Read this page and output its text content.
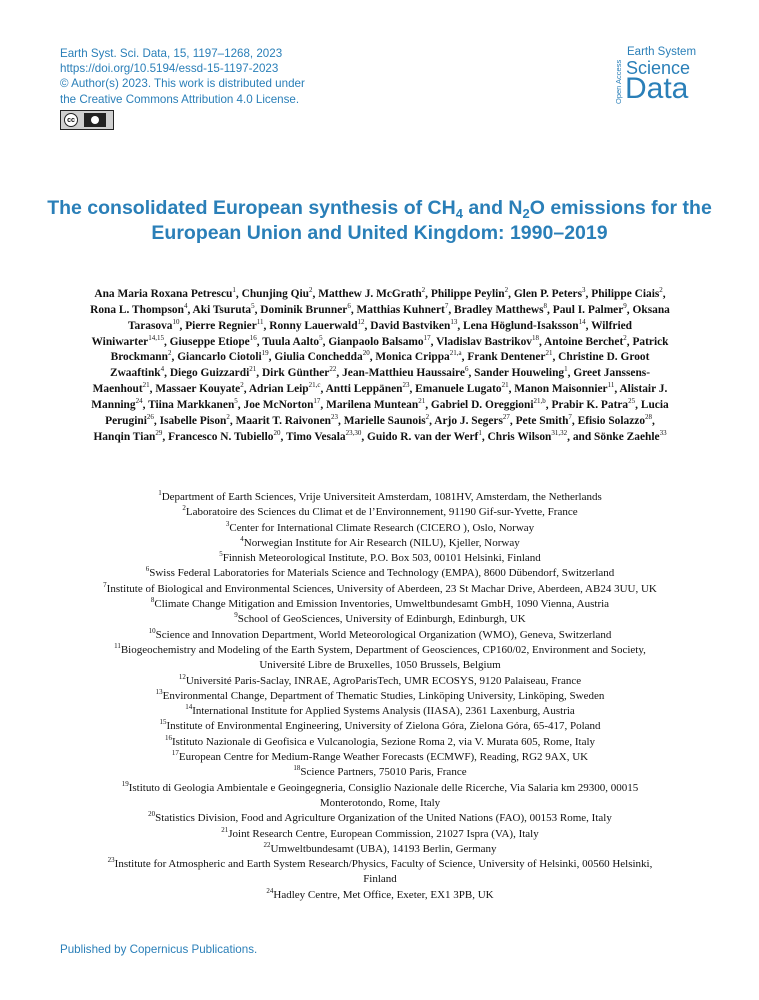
Earth Syst. Sci. Data, 15, 1197–1268, 2023
https://doi.org/10.5194/essd-15-1197-2023
© Author(s) 2023. This work is distributed under
the Creative Commons Attribution 4.0 License.
cc
Open Access
Earth System
Science
Data
The consolidated European synthesis of $CH_4$ and $N_2O$ emissions for the European Union and United Kingdom: 1990–2019
Ana Maria Roxana Petrescu$^1$, Chunjing Qiu$^2$, Matthew J. McGrath$^2$, Philippe Peylin$^2$, Glen P. Peters$^3$, Philippe Ciais$^2$, Rona L. Thompson$^4$, Aki Tsuruta$^5$, Dominik Brunner$^6$, Matthias Kuhnert$^7$, Bradley Matthews$^8$, Paul I. Palmer$^9$, Oksana Tarasova$^{10}$, Pierre Regnier$^{11}$, Ronny Lauerwald$^{12}$, David Bastviken$^{13}$, Lena Höglund-Isaksson$^{14}$, Wilfried Winiwarter$^{14,15}$, Giuseppe Etiope$^{16}$, Tuula Aalto$^5$, Gianpaolo Balsamo$^{17}$, Vladislav Bastrikov$^{18}$, Antoine Berchet$^2$, Patrick Brockmann$^2$, Giancarlo Ciotoli$^{19}$, Giulia Conchedda$^{20}$, Monica Crippa$^{21,a}$, Frank Dentener$^{21}$, Christine D. Groot Zwaaftink$^4$, Diego Guizzardi$^{21}$, Dirk Günther$^{22}$, Jean-Matthieu Haussaire$^6$, Sander Houweling$^1$, Greet Janssens-Maenhout$^{21}$, Massaer Kouyate$^2$, Adrian Leip$^{21,c}$, Antti Leppänen$^{23}$, Emanuele Lugato$^{21}$, Manon Maisonnier$^{11}$, Alistair J. Manning$^{24}$, Tiina Markkanen$^5$, Joe McNorton$^{17}$, Marilena Muntean$^{21}$, Gabriel D. Oreggioni$^{21,b}$, Prabir K. Patra$^{25}$, Lucia Perugini$^{26}$, Isabelle Pison$^2$, Maarit T. Raivonen$^{23}$, Marielle Saunois$^2$, Arjo J. Segers$^{27}$, Pete Smith$^7$, Efisio Solazzo$^{28}$, Hanqin Tian$^{29}$, Francesco N. Tubiello$^{20}$, Timo Vesala$^{23,30}$, Guido R. van der Werf$^1$, Chris Wilson$^{31,32}$, and Sönke Zaehle$^{33}$
$^1$Department of Earth Sciences, Vrije Universiteit Amsterdam, 1081HV, Amsterdam, the Netherlands
$^2$Laboratoire des Sciences du Climat et de l’Environnement, 91190 Gif-sur-Yvette, France
$^3$Center for International Climate Research (CICERO ), Oslo, Norway
$^4$Norwegian Institute for Air Research (NILU), Kjeller, Norway
$^5$Finnish Meteorological Institute, P.O. Box 503, 00101 Helsinki, Finland
$^6$Swiss Federal Laboratories for Materials Science and Technology (EMPA), 8600 Dübendorf, Switzerland
$^7$Institute of Biological and Environmental Sciences, University of Aberdeen, 23 St Machar Drive, Aberdeen, AB24 3UU, UK
$^8$Climate Change Mitigation and Emission Inventories, Umweltbundesamt GmbH, 1090 Vienna, Austria
$^9$School of GeoSciences, University of Edinburgh, Edinburgh, UK
$^{10}$Science and Innovation Department, World Meteorological Organization (WMO), Geneva, Switzerland
$^{11}$Biogeochemistry and Modeling of the Earth System, Department of Geosciences, CP160/02, Environment and Society, Université Libre de Bruxelles, 1050 Brussels, Belgium
$^{12}$Université Paris-Saclay, INRAE, AgroParisTech, UMR ECOSYS, 9120 Palaiseau, France
$^{13}$Environmental Change, Department of Thematic Studies, Linköping University, Linköping, Sweden
$^{14}$International Institute for Applied Systems Analysis (IIASA), 2361 Laxenburg, Austria
$^{15}$Institute of Environmental Engineering, University of Zielona Góra, Zielona Góra, 65-417, Poland
$^{16}$Istituto Nazionale di Geofisica e Vulcanologia, Sezione Roma 2, via V. Murata 605, Rome, Italy
$^{17}$European Centre for Medium-Range Weather Forecasts (ECMWF), Reading, RG2 9AX, UK
$^{18}$Science Partners, 75010 Paris, France
$^{19}$Istituto di Geologia Ambientale e Geoingegneria, Consiglio Nazionale delle Ricerche, Via Salaria km 29300, 00015 Monterotondo, Rome, Italy
$^{20}$Statistics Division, Food and Agriculture Organization of the United Nations (FAO), 00153 Rome, Italy
$^{21}$Joint Research Centre, European Commission, 21027 Ispra (VA), Italy
$^{22}$Umweltbundesamt (UBA), 14193 Berlin, Germany
$^{23}$Institute for Atmospheric and Earth System Research/Physics, Faculty of Science, University of Helsinki, 00560 Helsinki, Finland
$^{24}$Hadley Centre, Met Office, Exeter, EX1 3PB, UK
Published by Copernicus Publications.
